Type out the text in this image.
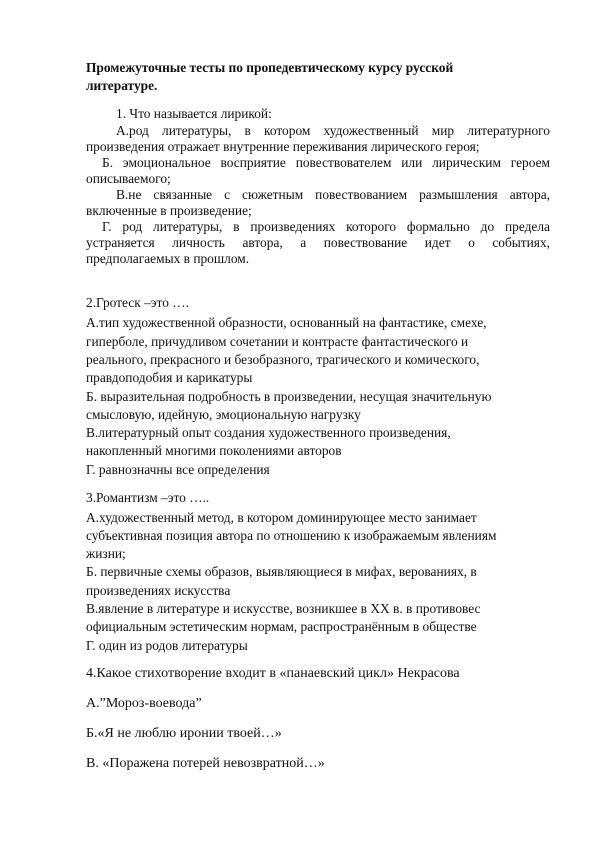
Промежуточные тесты по пропедевтическому курсу русской
литературе.
1. Что называется лирикой:
А.род литературы, в котором художественный мир литературного
произведения отражает внутренние переживания лирического героя;
Б. эмоциональное восприятие повествователем или лирическим героем
описываемого;
В.не связанные с сюжетным повествованием размышления автора,
включенные в произведение;
Г. род литературы, в произведениях которого формально до предела
устраняется личность автора, а повествование идет о событиях,
предполагаемых в прошлом.
2.Гротеск –это ….
А.тип художественной образности, основанный на фантастике, смехе,
гиперболе, причудливом сочетании и контрасте фантастического и
реального, прекрасного и безобразного, трагического и комического,
правдоподобия и карикатуры
Б. выразительная подробность в произведении, несущая значительную
смысловую, идейную, эмоциональную нагрузку
В.литературный опыт создания художественного произведения,
накопленный многими поколениями авторов
Г. равнозначны все определения
3.Романтизм –это …..
А.художественный метод, в котором доминирующее место занимает
субъективная позиция автора по отношению к изображаемым явлениям
жизни;
Б. первичные схемы образов, выявляющиеся в мифах, верованиях, в
произведениях искусства
В.явление в литературе и искусстве, возникшее в XX в. в противовес
официальным эстетическим нормам, распространённым в обществе
Г. один из родов литературы
4.Какое стихотворение входит в «панаевский цикл» Некрасова
А.”Мороз-воевода”
Б.«Я не люблю иронии твоей…»
В. «Поражена потерей невозвратной…»
